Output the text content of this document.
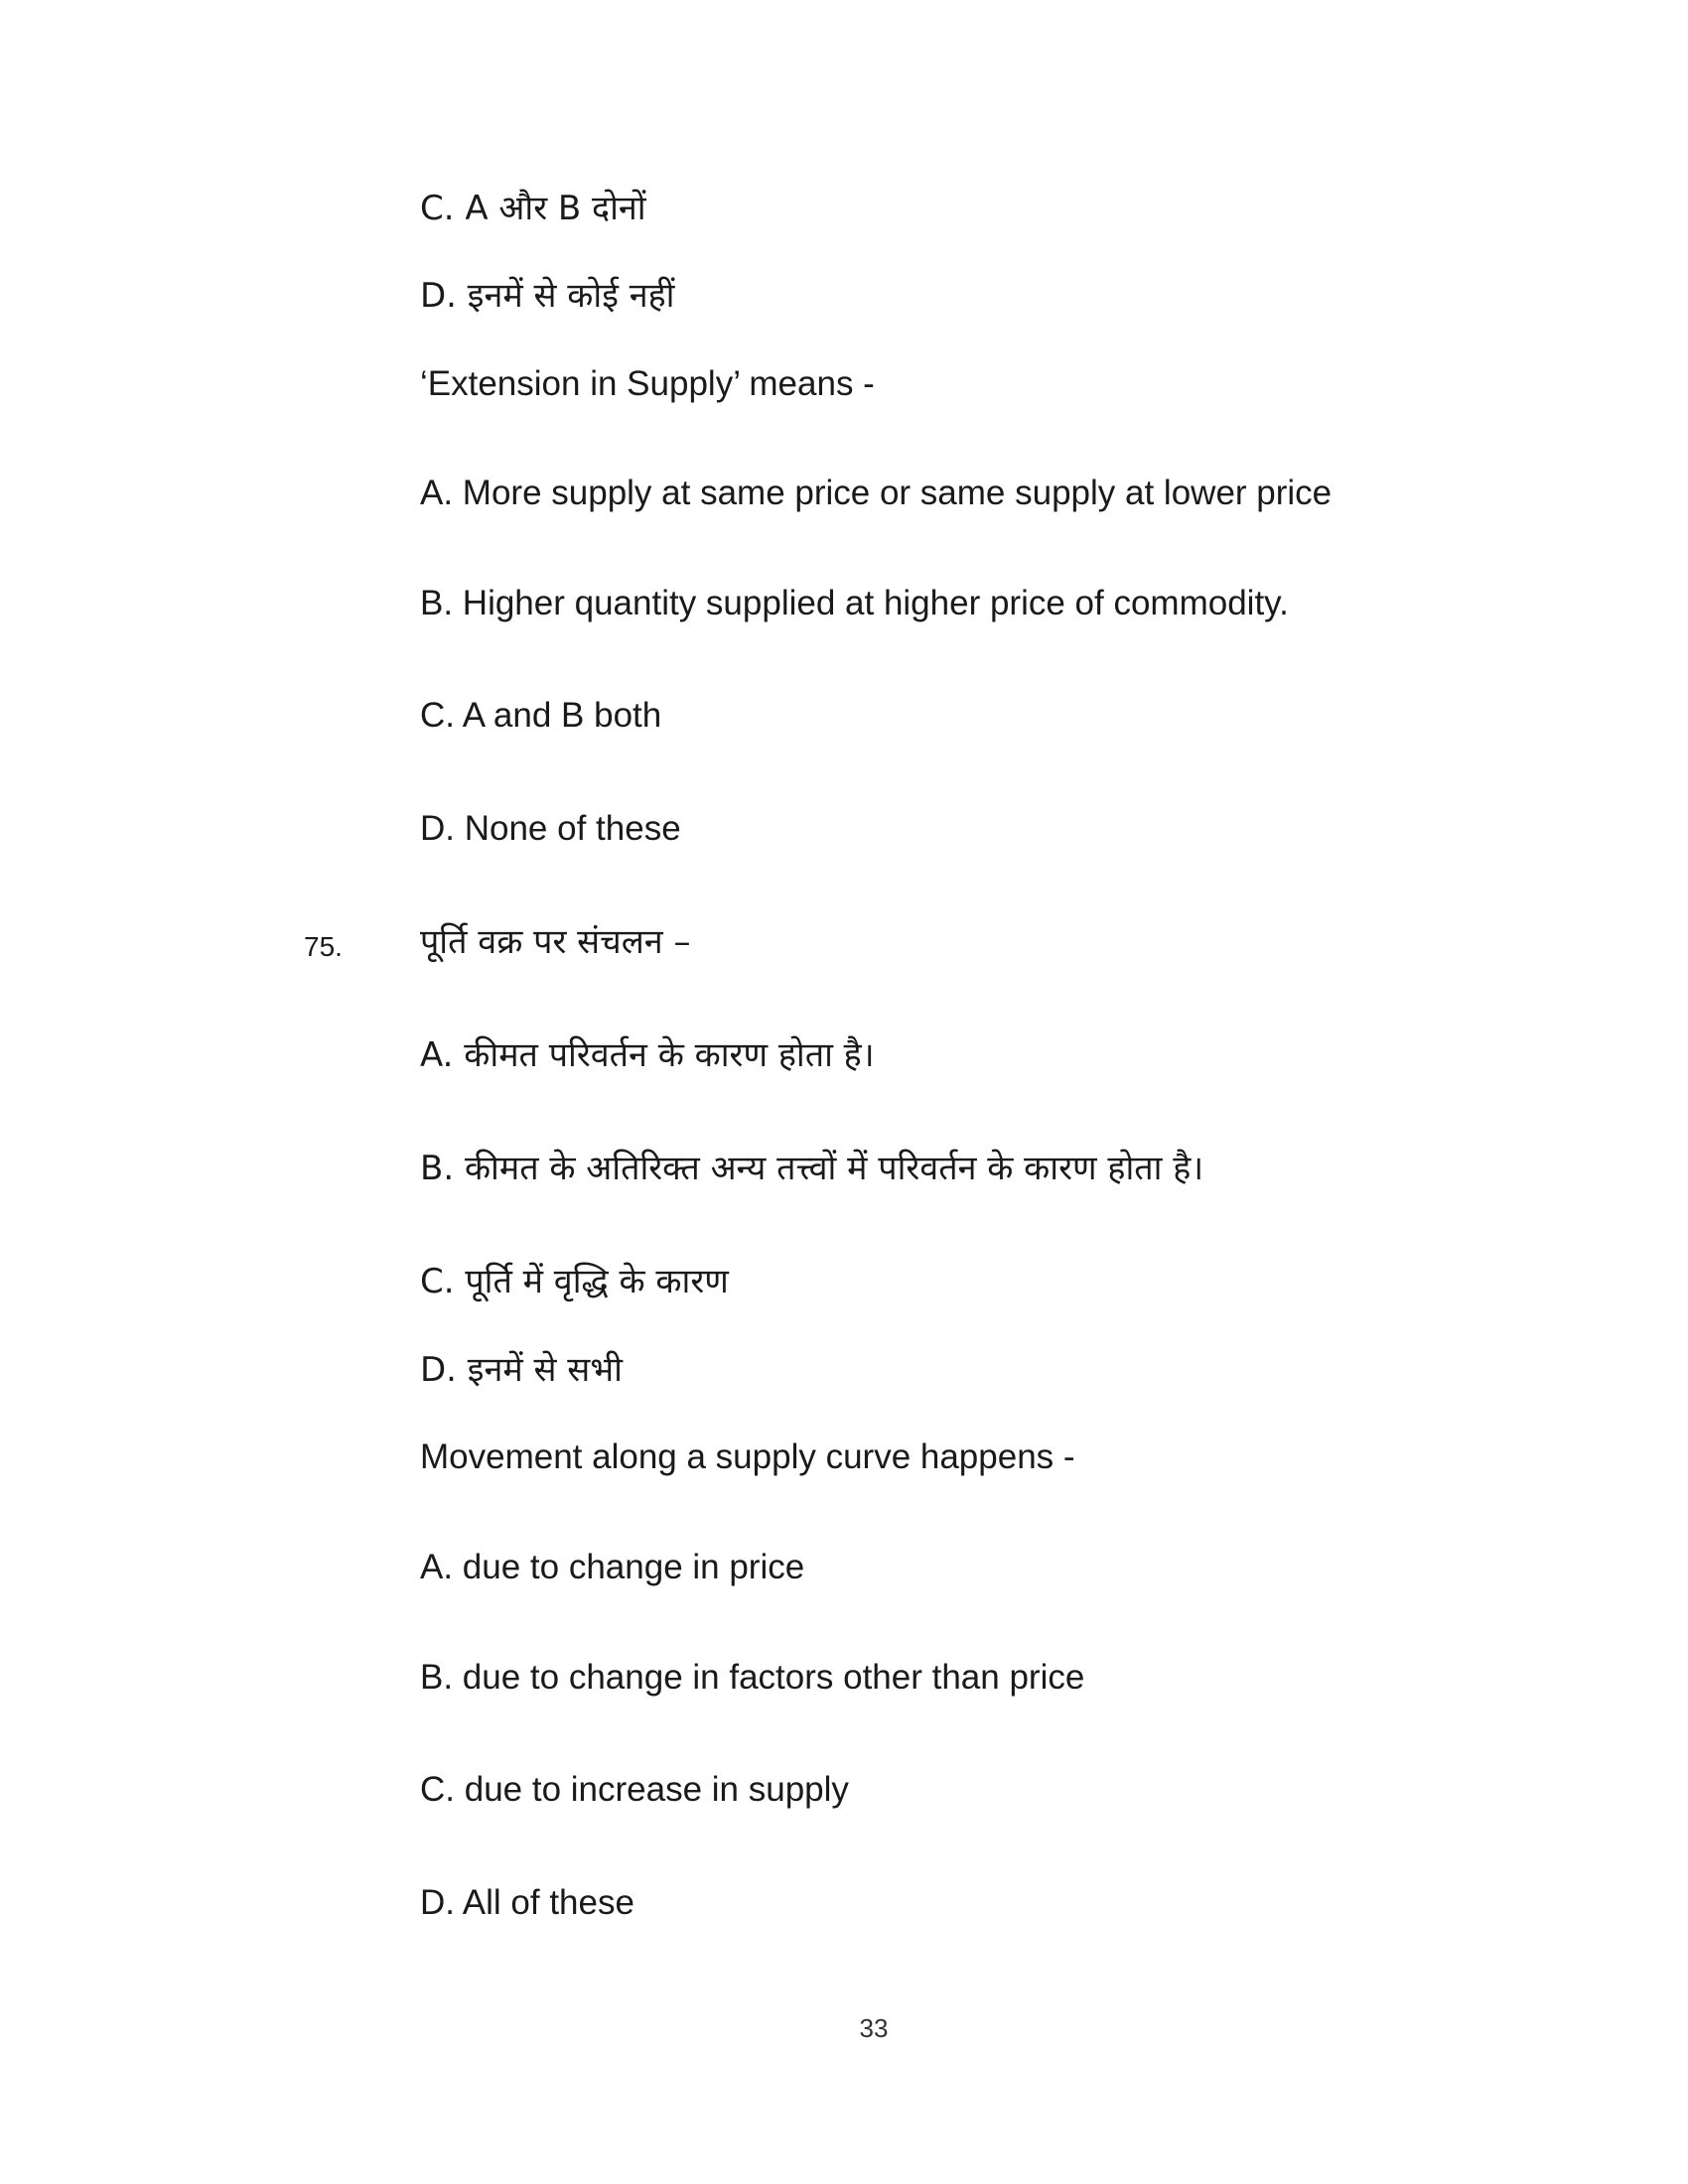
C. A और B दोनों
D. इनमें से कोई नहीं
‘Extension in Supply’ means -
A. More supply at same price or same supply at lower price
B. Higher quantity supplied at higher price of commodity.
C. A and B both
D. None of these
75. पूर्ति वक्र पर संचलन –
A. कीमत परिवर्तन के कारण होता है।
B. कीमत के अतिरिक्त अन्य तत्त्वों में परिवर्तन के कारण होता है।
C. पूर्ति में वृद्धि के कारण
D. इनमें से सभी
Movement along a supply curve happens -
A. due to change in price
B. due to change in factors other than price
C. due to increase in supply
D. All of these
33
